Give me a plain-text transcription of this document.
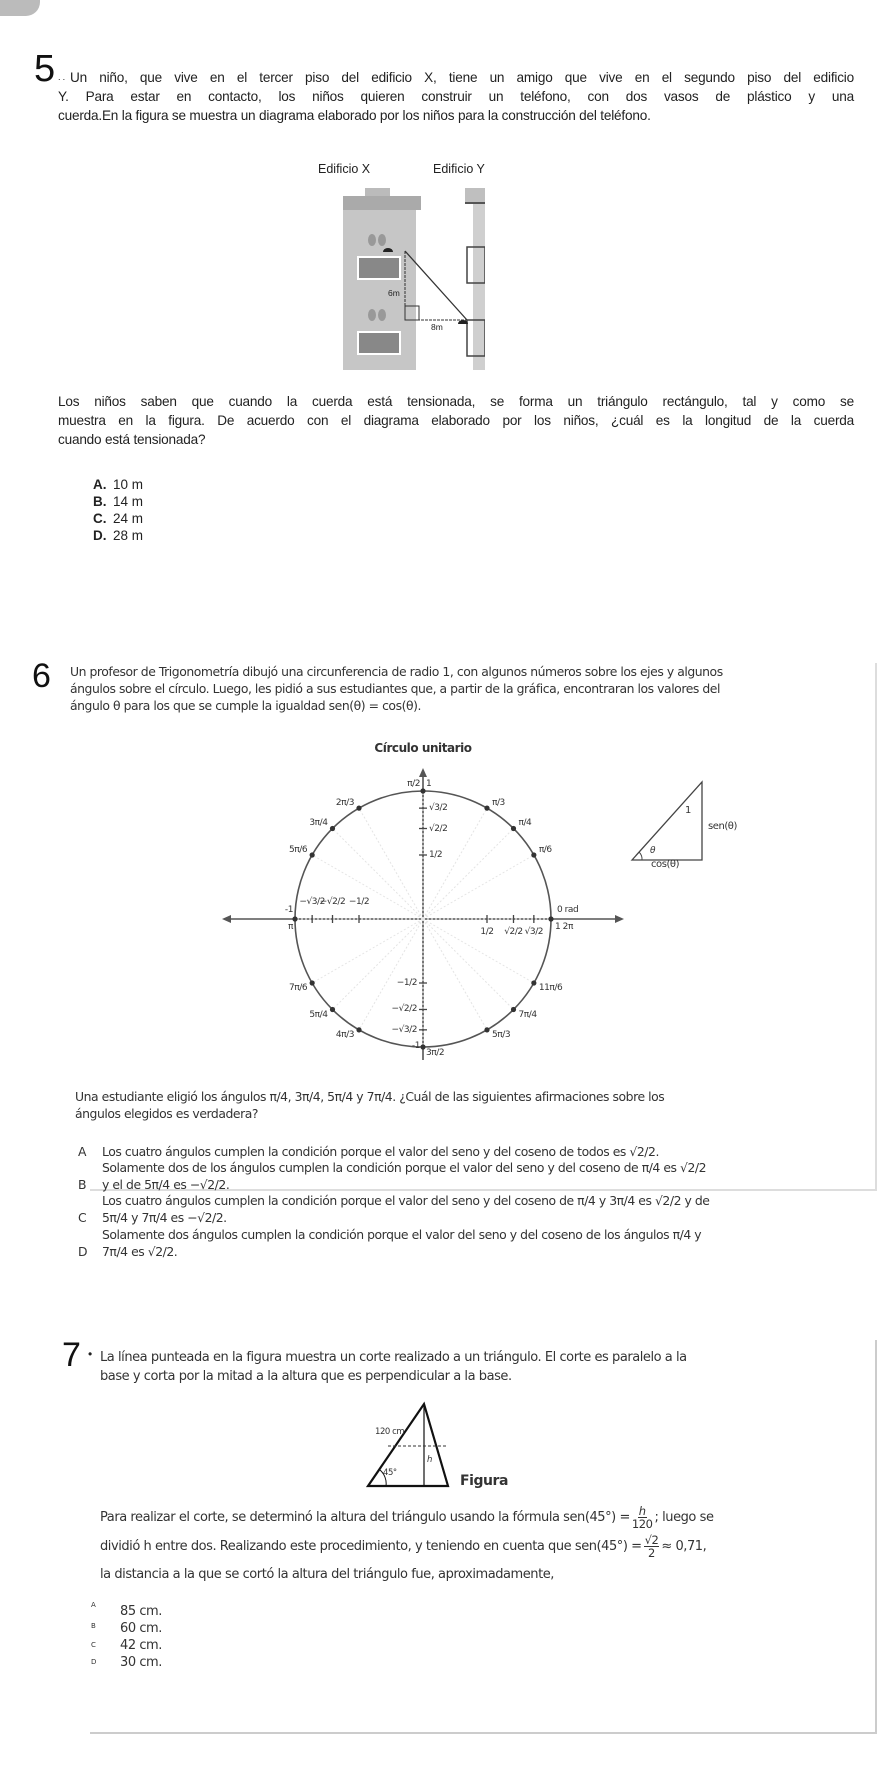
5 . . Un niño, que vive en el tercer piso del edificio X, tiene un amigo que vive en el segundo piso del edificio
Y. Para estar en contacto, los niños quieren construir un teléfono, con dos vasos de plástico y una
cuerda.En la figura se muestra un diagrama elaborado por los niños para la construcción del teléfono.
Edificio X	Edificio Y
6m
8m
Los niños saben que cuando la cuerda está tensionada, se forma un triángulo rectángulo, tal y como se
muestra en la figura. De acuerdo con el diagrama elaborado por los niños, ¿cuál es la longitud de la cuerda
cuando está tensionada?
A. 10 m
B. 14 m
C. 24 m
D. 28 m
6 Un profesor de Trigonometría dibujó una circunferencia de radio 1, con algunos números sobre los ejes y algunos
ángulos sobre el círculo. Luego, les pidió a sus estudiantes que, a partir de la gráfica, encontraran los valores del
ángulo θ para los que se cumple la igualdad sen(θ) = cos(θ).
Círculo unitario
π/6
π/4
π/3
2π/3
3π/4
5π/6
7π/6
5π/4
4π/3	5π/3
7π/4
11π/6
0 rad
1 2π
π/2 1
-1
π
-1
3π/2
−√3/2
−√2/2 −1/2
1/2 √2/2 √3/2
√3/2
√2/2
1/2
−1/2
−√2/2
−√3/2
1
sen(θ)
cos(θ)
θ
Una estudiante eligió los ángulos π/4, 3π/4, 5π/4 y 7π/4. ¿Cuál de las siguientes afirmaciones sobre los
ángulos elegidos es verdadera?
A Los cuatro ángulos cumplen la condición porque el valor del seno y del coseno de todos es √2/2.
B
Solamente dos de los ángulos cumplen la condición porque el valor del seno y del coseno de π/4 es √2/2
y el de 5π/4 es −√2/2.
C
Los cuatro ángulos cumplen la condición porque el valor del seno y del coseno de π/4 y 3π/4 es √2/2 y de
5π/4 y 7π/4 es −√2/2.
D
Solamente dos ángulos cumplen la condición porque el valor del seno y del coseno de los ángulos π/4 y
7π/4 es √2/2.
7 • La línea punteada en la figura muestra un corte realizado a un triángulo. El corte es paralelo a la
base y corta por la mitad a la altura que es perpendicular a la base.
120 cm
45°
h
Figura
Para realizar el corte, se determinó la altura del triángulo usando la fórmula $sen(45^\circ) = \frac{h}{120}$ ; luego se
dividió h entre dos. Realizando este procedimiento, y teniendo en cuenta que $sen(45^\circ) = \frac{√2}{2} \approx 0,71$,
la distancia a la que se cortó la altura del triángulo fue, aproximadamente,
A 85 cm.
B 60 cm.
C 42 cm.
D 30 cm.
